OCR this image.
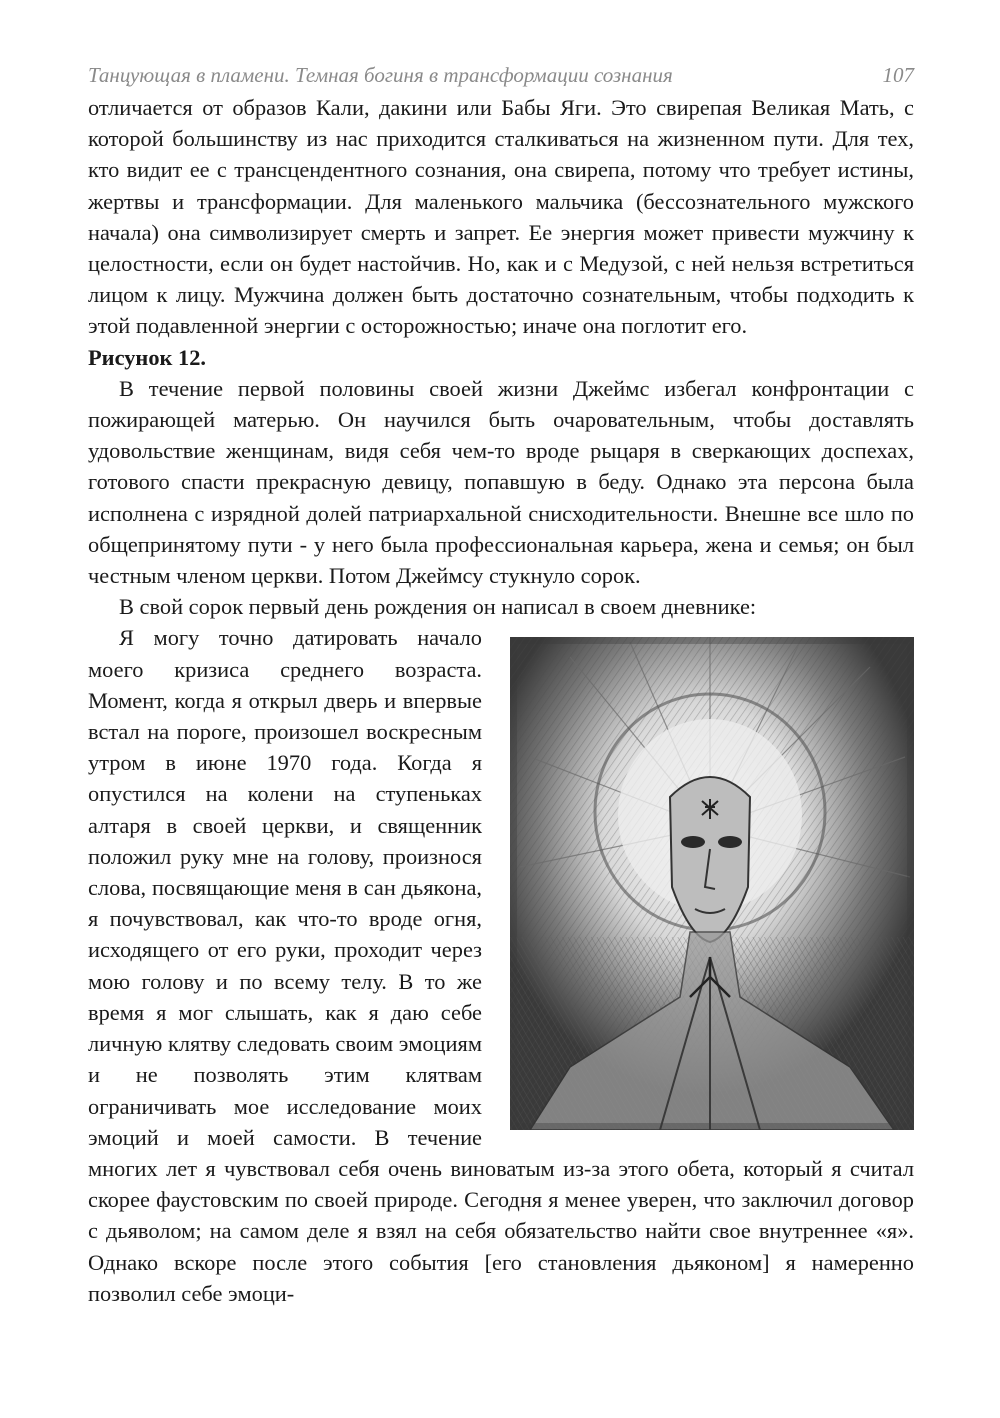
Танцующая в пламени. Темная богиня в трансформации сознания	107

отличается от образов Кали, дакини или Бабы Яги. Это свирепая Великая Мать, с которой большинству из нас приходится сталкиваться на жизненном пути. Для тех, кто видит ее с трансцендентного сознания, она свирепа, потому что требует истины, жертвы и трансформации. Для маленького мальчика (бессознательного мужского начала) она символизирует смерть и запрет. Ее энергия может привести мужчину к целостности, если он будет настойчив. Но, как и с Медузой, с ней нельзя встретиться лицом к лицу. Мужчина должен быть достаточно сознательным, чтобы подходить к этой подавленной энергии с осторожностью; иначе она поглотит его.

Рисунок 12.

В течение первой половины своей жизни Джеймс избегал конфронтации с пожирающей матерью. Он научился быть очаровательным, чтобы доставлять удовольствие женщинам, видя себя чем-то вроде рыцаря в сверкающих доспехах, готового спасти прекрасную девицу, попавшую в беду. Однако эта персона была исполнена с изрядной долей патриархальной снисходительности. Внешне все шло по общепринятому пути - у него была профессиональная карьера, жена и семья; он был честным членом церкви. Потом Джеймсу стукнуло сорок.

В свой сорок первый день рождения он написал в своем дневнике:

Я могу точно датировать начало моего кризиса среднего возраста. Момент, когда я открыл дверь и впервые встал на пороге, произошел воскресным утром в июне 1970 года. Когда я опустился на колени на ступеньках алтаря в своей церкви, и священник положил руку мне на голову, произнося слова, посвящающие меня в сан дьякона, я почувствовал, как что-то вроде огня, исходящего от его руки, проходит через мою голову и по всему телу. В то же время я мог слышать, как я даю себе личную клятву следовать своим эмоциям и не позволять этим клятвам ограничивать мое исследование моих эмоций и моей самости. В течение многих лет я чувствовал себя очень виноватым из-за этого обета, который я считал скорее фаустовским по своей природе. Сегодня я менее уверен, что заключил договор с дьяволом; на самом деле я взял на себя обязательство найти свое внутреннее «я». Однако вскоре после этого события [его становления дьяконом] я намеренно позволил себе эмоци-
